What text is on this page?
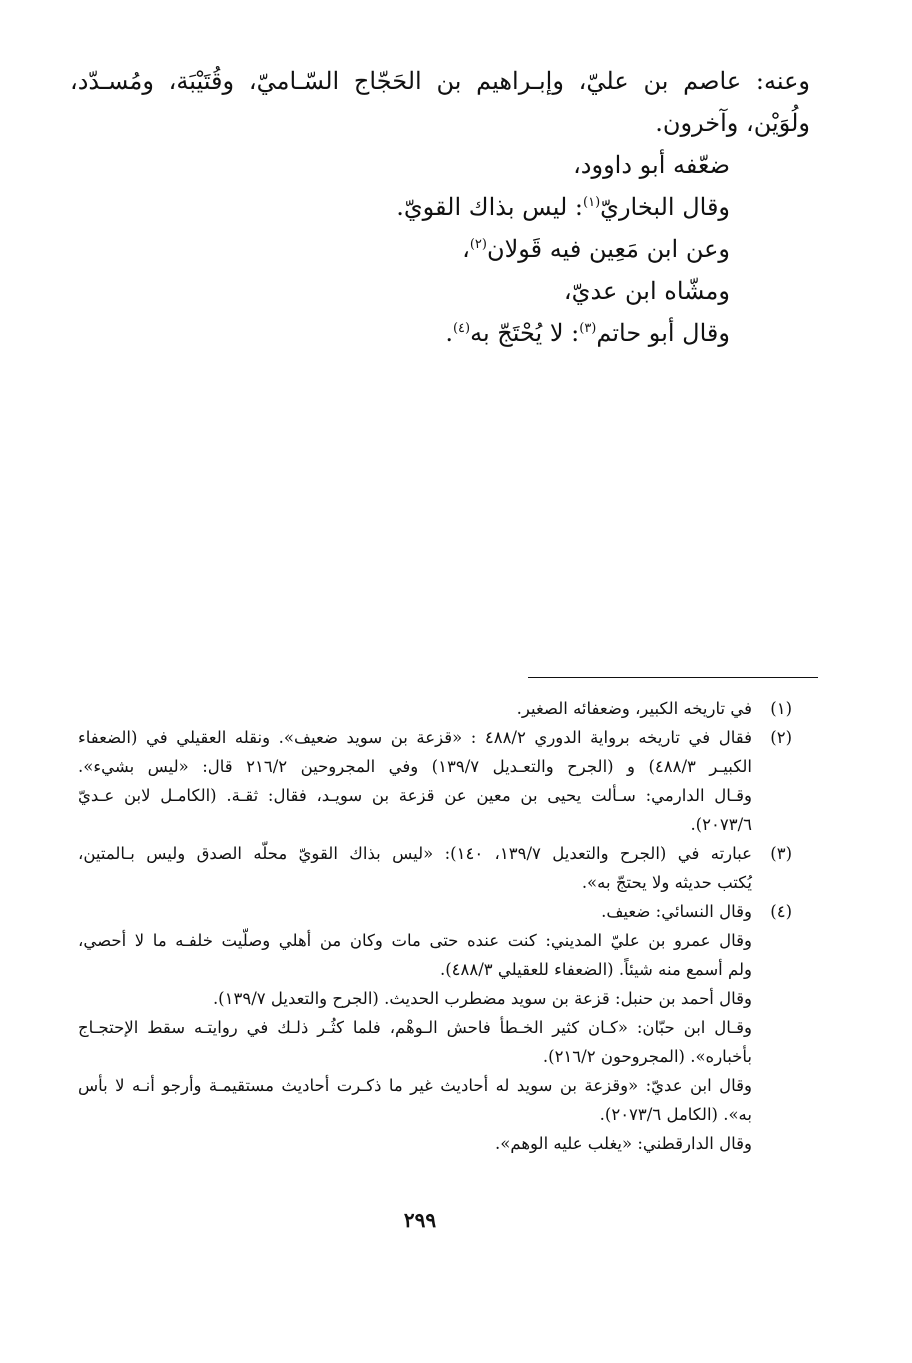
وعنه: عاصم بن عليّ، وإبـراهيم بن الحَجّاج السّـاميّ، وقُتَيْبَة، ومُسـدّد،
ولُوَيْن، وآخرون.
ضعّفه أبو داوود،
وقال البخاريّ$^{(١)}$: ليس بذاك القويّ.
وعن ابن مَعِين فيه قَولان$^{(٢)}$،
ومشّاه ابن عديّ،
وقال أبو حاتم$^{(٣)}$: لا يُحْتَجّ به$^{(٤)}$.
(١)
في تاريخه الكبير، وضعفائه الصغير.
(٢)
فقال في تاريخه برواية الدوري ٤٨٨/٢ : «قزعة بن سويد ضعيف». ونقله العقيلي في (الضعفاء
الكبيـر ٤٨٨/٣) و (الجرح والتعـديل ١٣٩/٧) وفي المجروحين ٢١٦/٢ قال: «ليس بشيء».
وقـال الدارمي: سـألت يحيى بن معين عن قزعة بن سويـد، فقال: ثقـة. (الكامـل لابن عـديّ
٢٠٧٣/٦).
(٣)
عبارته في (الجرح والتعديل ١٣٩/٧، ١٤٠): «ليس بذاك القويّ محلّه الصدق وليس بـالمتين،
يُكتب حديثه ولا يحتجّ به».
(٤)
وقال النسائي: ضعيف.
وقال عمرو بن عليّ المديني: كنت عنده حتى مات وكان من أهلي وصلّيت خلفـه ما لا أحصي،
ولم أسمع منه شيئاً. (الضعفاء للعقيلي ٤٨٨/٣).
وقال أحمد بن حنبل: قزعة بن سويد مضطرب الحديث. (الجرح والتعديل ١٣٩/٧).
وقـال ابن حبّان: «كـان كثير الخـطأ فاحش الـوهْم، فلما كثُـر ذلـك في روايتـه سقط الإحتجـاج
بأخباره». (المجروحون ٢١٦/٢).
وقال ابن عديّ: «وقزعة بن سويد له أحاديث غير ما ذكـرت أحاديث مستقيمـة وأرجو أنـه لا بأس
به». (الكامل ٢٠٧٣/٦).
وقال الدارقطني: «يغلب عليه الوهم».
٢٩٩
